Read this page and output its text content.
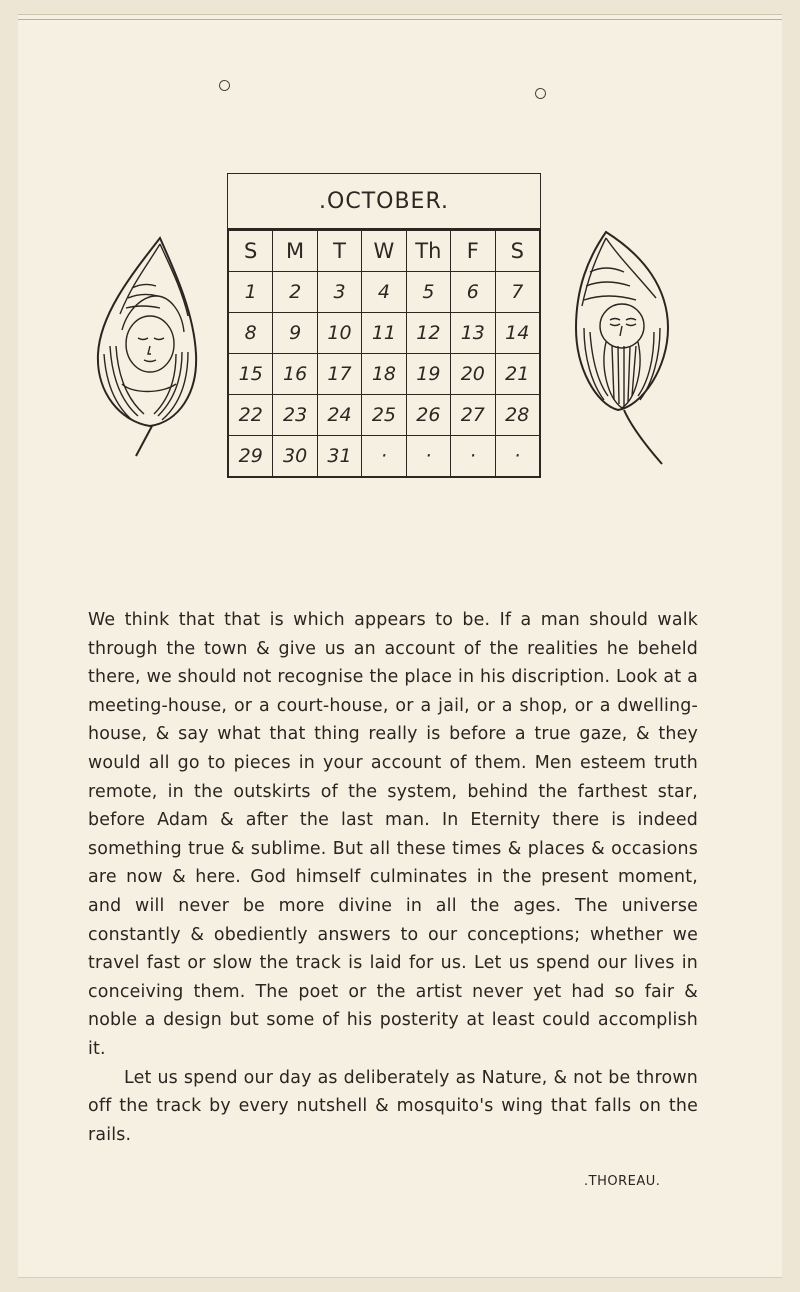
.OCTOBER.
S	M	T	W	Th	F	S
1	2	3	4	5	6	7
8	9	10	11	12	13	14
15	16	17	18	19	20	21
22	23	24	25	26	27	28
29	30	31	·	·	·	·

We think that that is which appears to be. If a man should walk through the town & give us an account of the realities he beheld there, we should not recognise the place in his discription. Look at a meeting-house, or a court-house, or a jail, or a shop, or a dwelling-house, & say what that thing really is before a true gaze, & they would all go to pieces in your account of them. Men esteem truth remote, in the outskirts of the system, behind the farthest star, before Adam & after the last man. In Eternity there is indeed something true & sublime. But all these times & places & occasions are now & here. God himself culminates in the present moment, and will never be more divine in all the ages. The universe constantly & obediently answers to our conceptions; whether we travel fast or slow the track is laid for us. Let us spend our lives in conceiving them. The poet or the artist never yet had so fair & noble a design but some of his posterity at least could accomplish it.

Let us spend our day as deliberately as Nature, & not be thrown off the track by every nutshell & mosquito's wing that falls on the rails.

.THOREAU.
